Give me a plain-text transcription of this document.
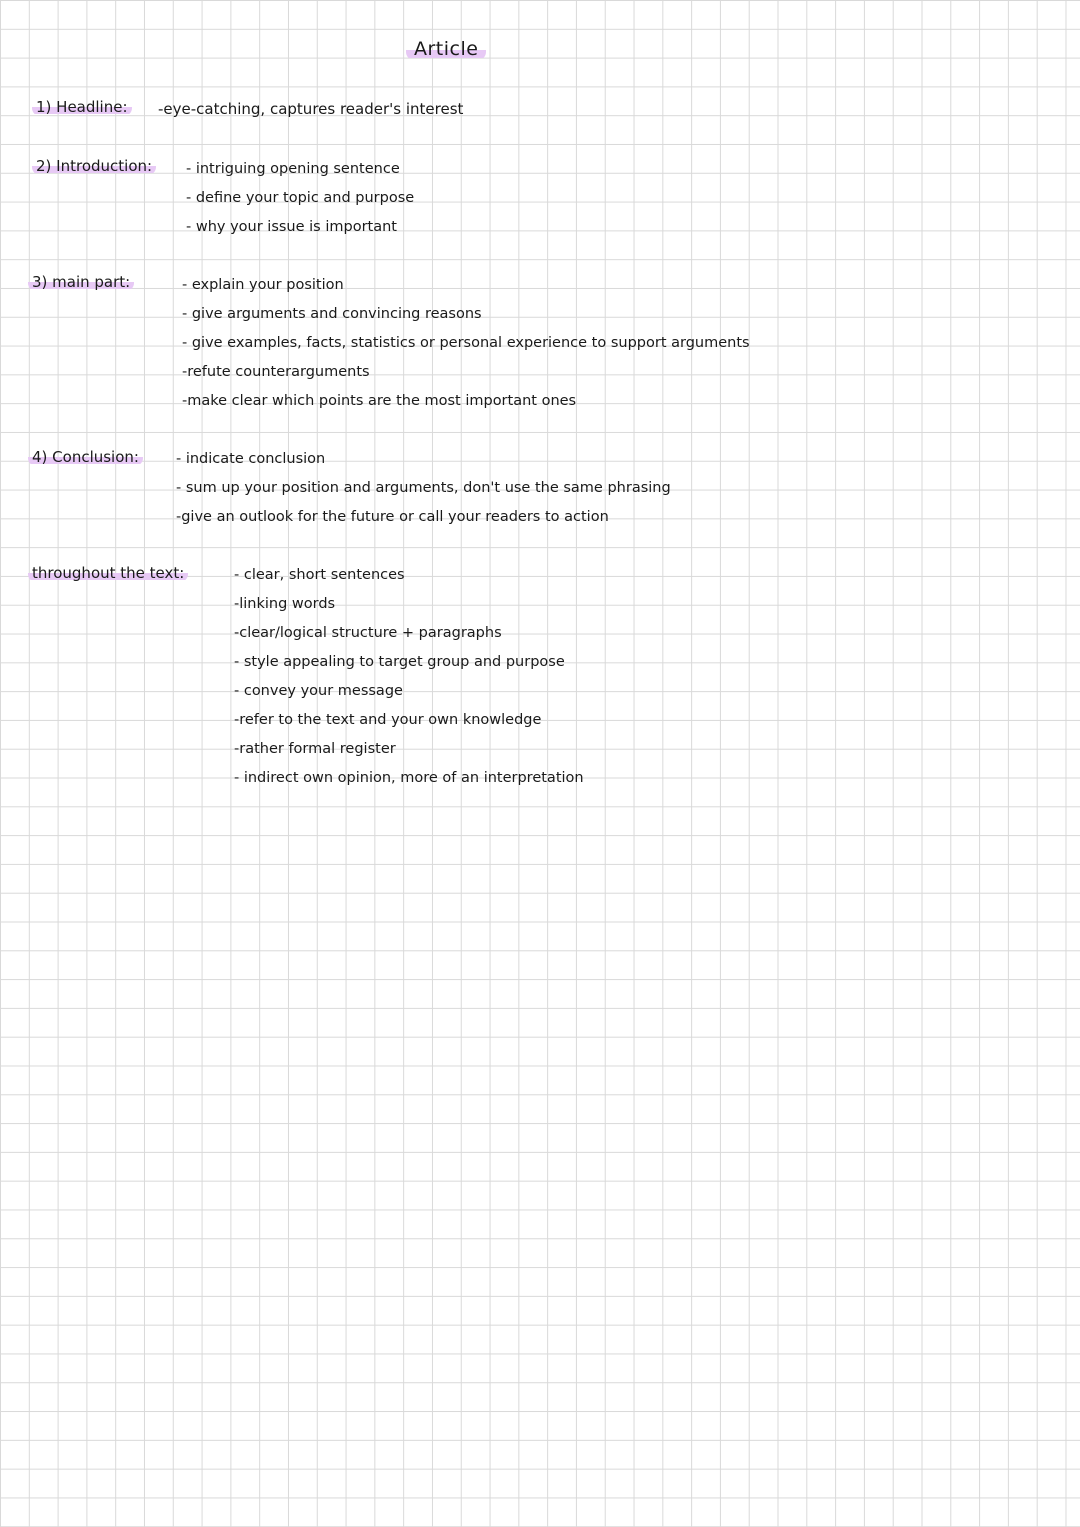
Article
1) Headline: -eye-catching, captures reader's interest
2) Introduction: - intriguing opening sentence
- define your topic and purpose
- why your issue is important
3) main part:	- explain your position
- give arguments and convincing reasons
- give examples, facts, statistics or personal experience to support arguments
-refute counterarguments
-make clear which points are the most important ones
4) Conclusion:	- indicate conclusion
- sum up your position and arguments, don't use the same phrasing
-give an outlook for the future or call your readers to action
throughout the text:	- clear, short sentences
-linking words
-clear/logical structure + paragraphs
- style appealing to target group and purpose
- convey your message
-refer to the text and your own knowledge
-rather formal register
- indirect own opinion, more of an interpretation
